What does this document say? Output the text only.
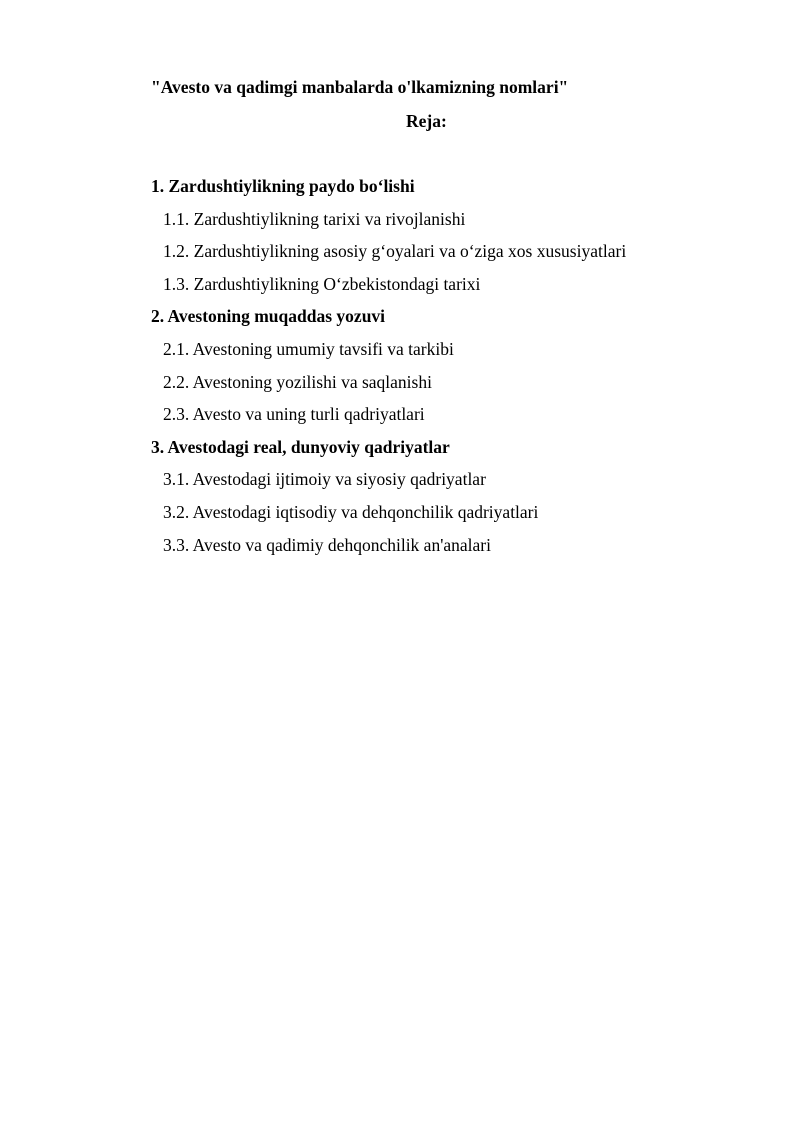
"Avesto va qadimgi manbalarda o'lkamizning nomlari"
Reja:
1. Zardushtiylikning paydo bo‘lishi
1.1. Zardushtiylikning tarixi va rivojlanishi
1.2. Zardushtiylikning asosiy g‘oyalari va o‘ziga xos xususiyatlari
1.3. Zardushtiylikning O‘zbekistondagi tarixi
2. Avestoning muqaddas yozuvi
2.1. Avestoning umumiy tavsifi va tarkibi
2.2. Avestoning yozilishi va saqlanishi
2.3. Avesto va uning turli qadriyatlari
3. Avestodagi real, dunyoviy qadriyatlar
3.1. Avestodagi ijtimoiy va siyosiy qadriyatlar
3.2. Avestodagi iqtisodiy va dehqonchilik qadriyatlari
3.3. Avesto va qadimiy dehqonchilik an'analari
